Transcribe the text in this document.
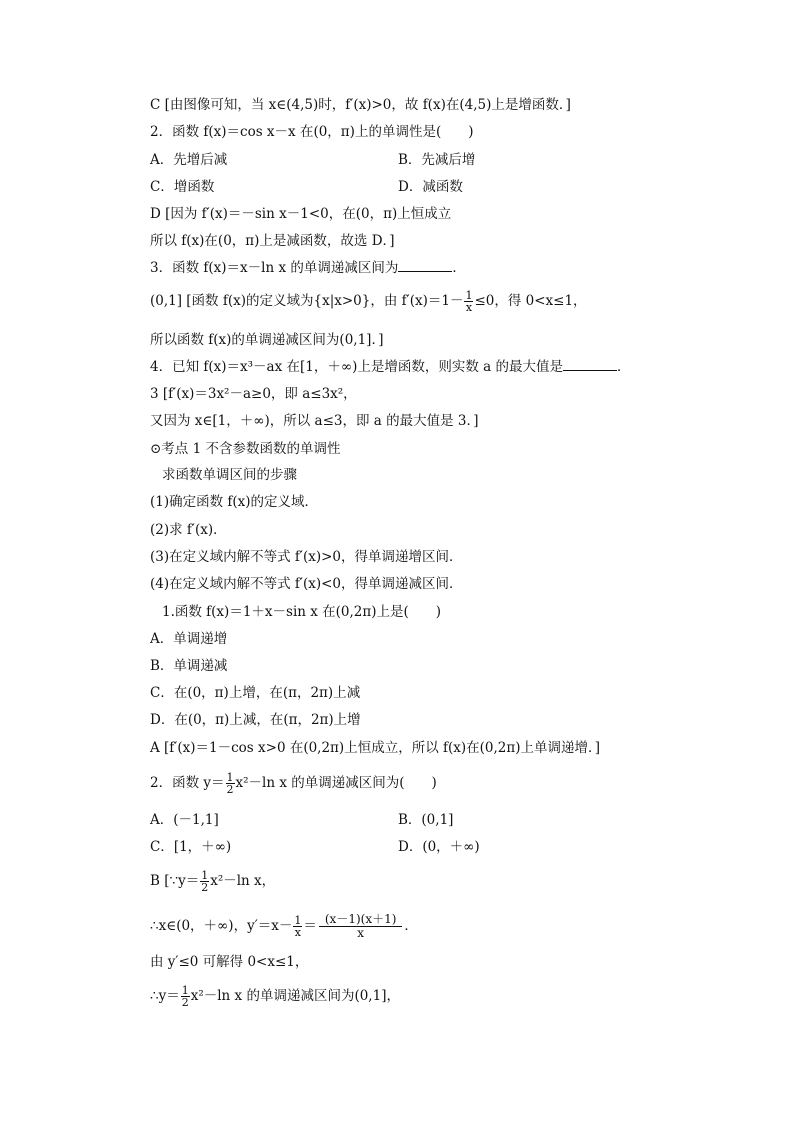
C [由图像可知，当 x∈(4,5)时，f′(x)>0，故 f(x)在(4,5)上是增函数．]
2．函数 f(x)＝cos x－x 在(0，π)上的单调性是(　　)
A．先增后减	B．先减后增
C．增函数	D．减函数
D [因为 f′(x)＝－sin x－1<0，在(0，π)上恒成立
所以 f(x)在(0，π)上是减函数，故选 D．]
3．函数 f(x)＝x－ln x 的单调递减区间为	．
(0,1] [函数 f(x)的定义域为{x|x>0}，由 $f'(x)=1- \frac{1}{x} \le 0$，得 0<x≤1，
所以函数 f(x)的单调递减区间为(0,1]．]
4．已知 f(x)＝x³－ax 在[1，＋∞)上是增函数，则实数 a 的最大值是	．
3 [f′(x)＝3x²－a≥0，即 a≤3x²，
又因为 x∈[1，＋∞)，所以 a≤3，即 a 的最大值是 3．]
⊙考点 1 不含参数函数的单调性
求函数单调区间的步骤
(1)确定函数 f(x)的定义域．
(2)求 f′(x)．
(3)在定义域内解不等式 f′(x)>0，得单调递增区间．
(4)在定义域内解不等式 f′(x)<0，得单调递减区间．
1.函数 f(x)＝1＋x－sin x 在(0,2π)上是(　　)
A．单调递增
B．单调递减
C．在(0，π)上增，在(π，2π)上减
D．在(0，π)上减，在(π，2π)上增
A [f′(x)＝1－cos x>0 在(0,2π)上恒成立，所以 f(x)在(0,2π)上单调递增．]
2．函数 $y= \frac{1}{2} x^2-\ln$ x 的单调递减区间为(　　)
A．(－1,1]	B．(0,1]
C．[1，＋∞)	D．(0，＋∞)
B [∵y＝ $\frac{1}{2} x^2-\ln$ x，
∴x∈(0，＋∞)，$y'=x- \frac{1}{x} = \frac{(x-1)(x+1)}{x}$ ．
由 y′≤0 可解得 0<x≤1，
∴y＝ $\frac{1}{2} x^2-\ln$ x 的单调递减区间为(0,1]，
